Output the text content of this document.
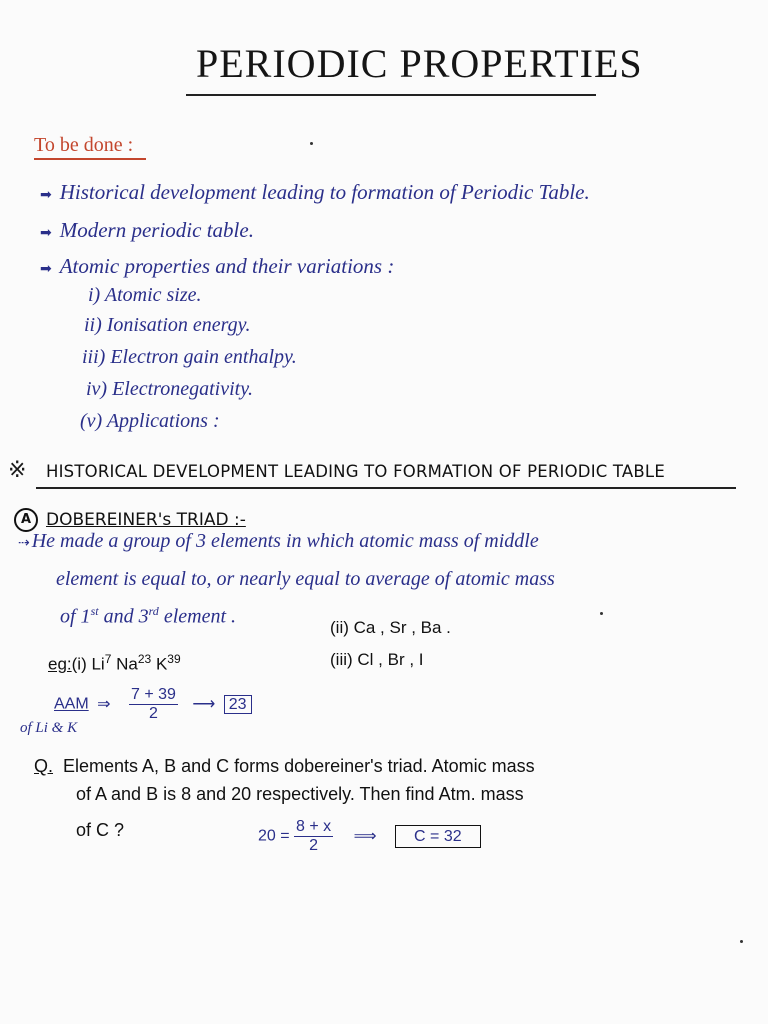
PERIODIC PROPERTIES
To be done :
➡ Historical development leading to formation of Periodic Table.
➡ Modern periodic table.
➡ Atomic properties and their variations :
i) Atomic size.
ii) Ionisation energy.
iii) Electron gain enthalpy.
iv) Electronegativity.
(v) Applications :
※ HISTORICAL DEVELOPMENT LEADING TO FORMATION OF PERIODIC TABLE
A DOBEREINER's TRIAD :-
⇢ He made a group of 3 elements in which atomic mass of middle
element is equal to, or nearly equal to average of atomic mass
of 1st and 3rd element .	(ii) Ca , Sr , Ba .
(iii) Cl , Br , I
eg:(i) Li$^7$ Na$^{23}$ $K^{39}$
AAM ⇒ $\frac{7 + 39}{2}$ ⟶ 23
of Li & K
Q. Elements A, B and C forms dobereiner's triad. Atomic mass
of A and B is 8 and 20 respectively. Then find Atm. mass
of C ?	$20 = \frac{8 + x}{2}$ ⟹ C = 32
